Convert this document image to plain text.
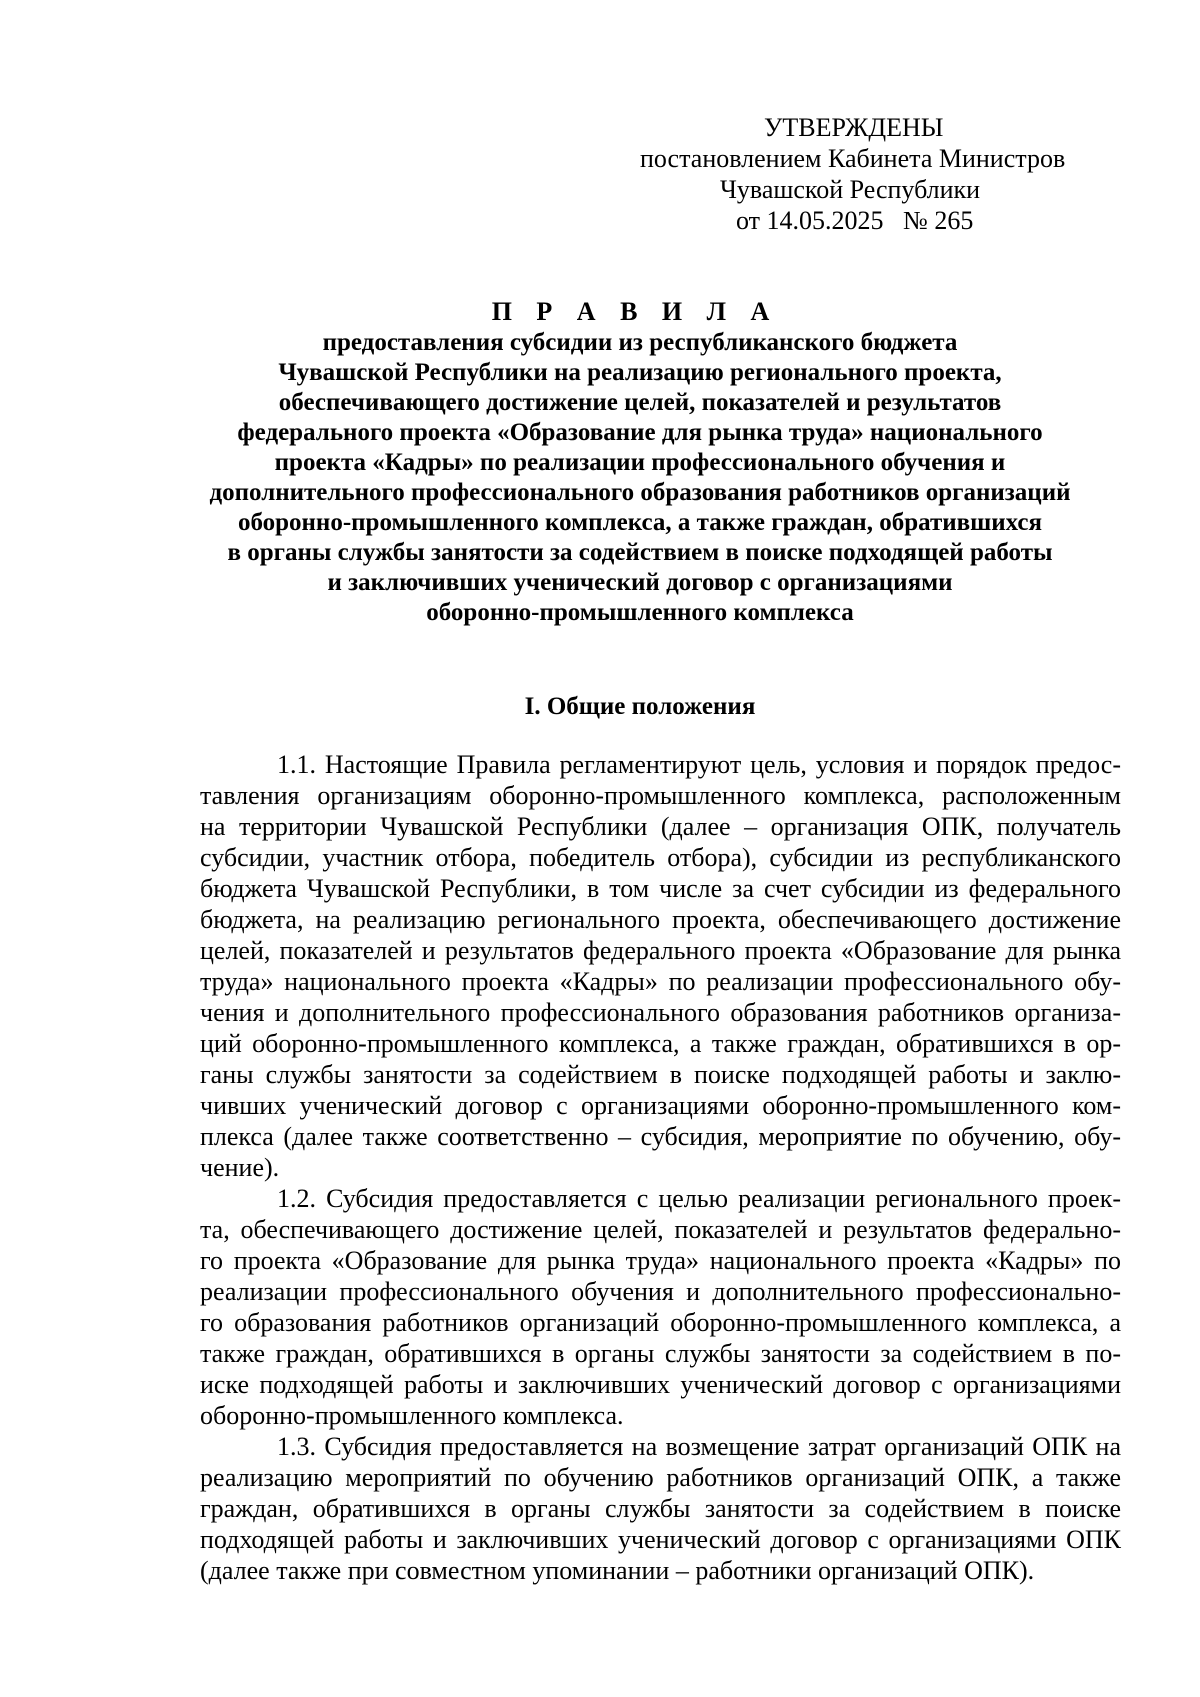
УТВЕРЖДЕНЫ
постановлением Кабинета Министров
Чувашской Республики
от 14.05.2025   № 265
П Р А В И Л А
предоставления субсидии из республиканского бюджета
Чувашской Республики на реализацию регионального проекта,
обеспечивающего достижение целей, показателей и результатов
федерального проекта «Образование для рынка труда» национального
проекта «Кадры» по реализации профессионального обучения и
дополнительного профессионального образования работников организаций
оборонно-промышленного комплекса, а также граждан, обратившихся
в органы службы занятости за содействием в поиске подходящей работы
и заключивших ученический договор с организациями
оборонно-промышленного комплекса
I. Общие положения
1.1. Настоящие Правила регламентируют цель, условия и порядок предос-
тавления организациям оборонно-промышленного комплекса, расположенным
на территории Чувашской Республики (далее – организация ОПК, получатель
субсидии, участник отбора, победитель отбора), субсидии из республиканского
бюджета Чувашской Республики, в том числе за счет субсидии из федерального
бюджета, на реализацию регионального проекта, обеспечивающего достижение
целей, показателей и результатов федерального проекта «Образование для рынка
труда» национального проекта «Кадры» по реализации профессионального обу-
чения и дополнительного профессионального образования работников организа-
ций оборонно-промышленного комплекса, а также граждан, обратившихся в ор-
ганы службы занятости за содействием в поиске подходящей работы и заклю-
чивших ученический договор с организациями оборонно-промышленного ком-
плекса (далее также соответственно – субсидия, мероприятие по обучению, обу-
чение).
1.2. Субсидия предоставляется с целью реализации регионального проек-
та, обеспечивающего достижение целей, показателей и результатов федерально-
го проекта «Образование для рынка труда» национального проекта «Кадры» по
реализации профессионального обучения и дополнительного профессионально-
го образования работников организаций оборонно-промышленного комплекса, а
также граждан, обратившихся в органы службы занятости за содействием в по-
иске подходящей работы и заключивших ученический договор с организациями
оборонно-промышленного комплекса.
1.3. Субсидия предоставляется на возмещение затрат организаций ОПК на
реализацию мероприятий по обучению работников организаций ОПК, а также
граждан, обратившихся в органы службы занятости за содействием в поиске
подходящей работы и заключивших ученический договор с организациями ОПК
(далее также при совместном упоминании – работники организаций ОПК).
